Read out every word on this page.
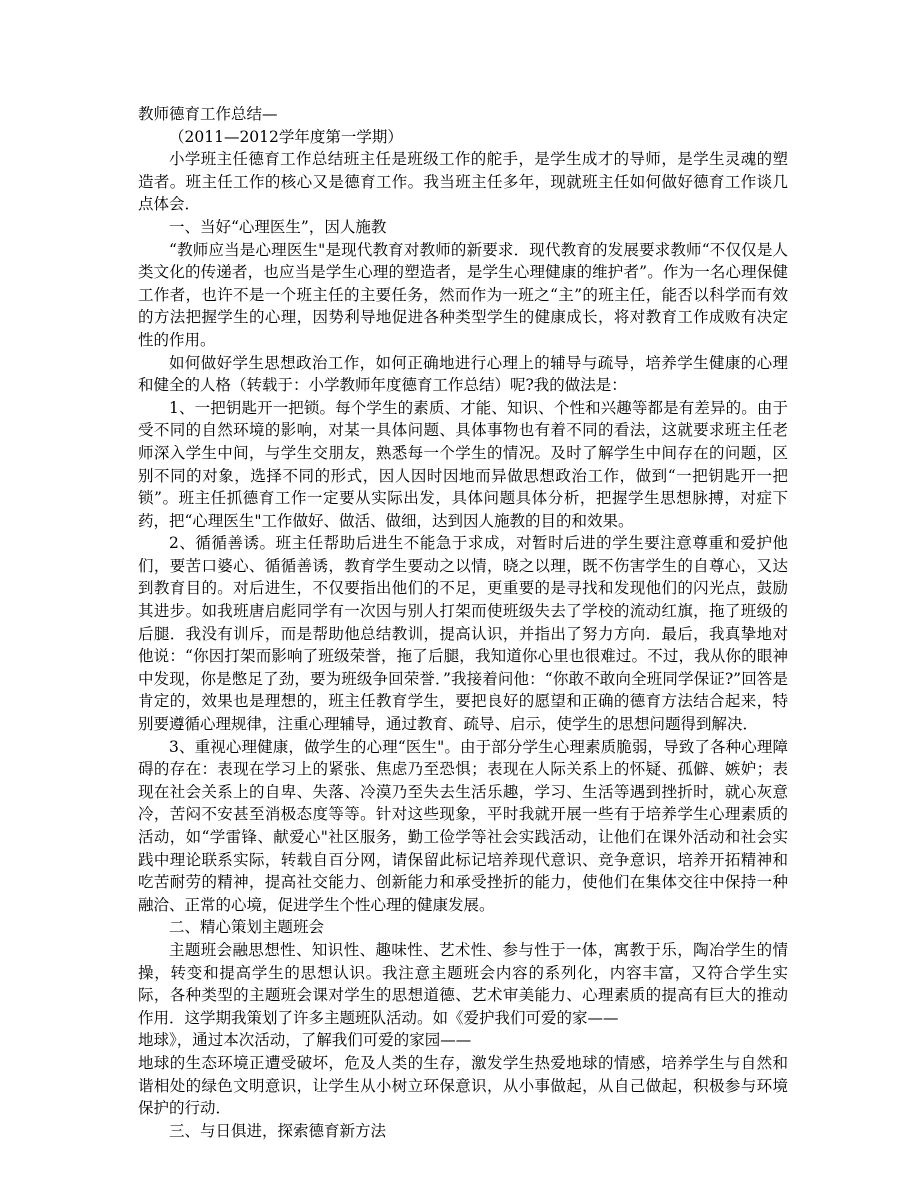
教师德育工作总结—

（2011—2012学年度第一学期）

小学班主任德育工作总结班主任是班级工作的舵手，是学生成才的导师，是学生灵魂的塑造者。班主任工作的核心又是德育工作。我当班主任多年，现就班主任如何做好德育工作谈几点体会．

一、当好“心理医生”，因人施教

“教师应当是心理医生"是现代教育对教师的新要求．现代教育的发展要求教师“不仅仅是人类文化的传递者，也应当是学生心理的塑造者，是学生心理健康的维护者”。作为一名心理保健工作者，也许不是一个班主任的主要任务，然而作为一班之“主”的班主任，能否以科学而有效的方法把握学生的心理，因势利导地促进各种类型学生的健康成长，将对教育工作成败有决定性的作用。

如何做好学生思想政治工作，如何正确地进行心理上的辅导与疏导，培养学生健康的心理和健全的人格（转载于：小学教师年度德育工作总结）呢?我的做法是：

1、一把钥匙开一把锁。每个学生的素质、才能、知识、个性和兴趣等都是有差异的。由于受不同的自然环境的影响，对某一具体问题、具体事物也有着不同的看法，这就要求班主任老师深入学生中间，与学生交朋友，熟悉每一个学生的情况。及时了解学生中间存在的问题，区别不同的对象，选择不同的形式，因人因时因地而异做思想政治工作，做到“一把钥匙开一把锁”。班主任抓德育工作一定要从实际出发，具体问题具体分析，把握学生思想脉搏，对症下药，把“心理医生"工作做好、做活、做细，达到因人施教的目的和效果。

2、循循善诱。班主任帮助后进生不能急于求成，对暂时后进的学生要注意尊重和爱护他们，要苦口婆心、循循善诱，教育学生要动之以情，晓之以理，既不伤害学生的自尊心，又达到教育目的。对后进生，不仅要指出他们的不足，更重要的是寻找和发现他们的闪光点，鼓励其进步。如我班唐启彪同学有一次因与别人打架而使班级失去了学校的流动红旗，拖了班级的后腿．我没有训斥，而是帮助他总结教训，提高认识，并指出了努力方向．最后，我真挚地对他说：“你因打架而影响了班级荣誉，拖了后腿，我知道你心里也很难过。不过，我从你的眼神中发现，你是憋足了劲，要为班级争回荣誉．”我接着问他：“你敢不敢向全班同学保证?”回答是肯定的，效果也是理想的，班主任教育学生，要把良好的愿望和正确的德育方法结合起来，特别要遵循心理规律，注重心理辅导，通过教育、疏导、启示，使学生的思想问题得到解决．

3、重视心理健康，做学生的心理“医生"。由于部分学生心理素质脆弱，导致了各种心理障碍的存在：表现在学习上的紧张、焦虑乃至恐惧；表现在人际关系上的怀疑、孤僻、嫉妒；表现在社会关系上的自卑、失落、冷漠乃至失去生活乐趣，学习、生活等遇到挫折时，就心灰意冷，苦闷不安甚至消极态度等等。针对这些现象，平时我就开展一些有于培养学生心理素质的活动，如“学雷锋、献爱心"社区服务，勤工俭学等社会实践活动，让他们在课外活动和社会实践中理论联系实际，转载自百分网，请保留此标记培养现代意识、竞争意识，培养开拓精神和吃苦耐劳的精神，提高社交能力、创新能力和承受挫折的能力，使他们在集体交往中保持一种融洽、正常的心境，促进学生个性心理的健康发展。

二、精心策划主题班会

主题班会融思想性、知识性、趣味性、艺术性、参与性于一体，寓教于乐，陶冶学生的情操，转变和提高学生的思想认识。我注意主题班会内容的系列化，内容丰富，又符合学生实际，各种类型的主题班会课对学生的思想道德、艺术审美能力、心理素质的提高有巨大的推动作用．这学期我策划了许多主题班队活动。如《爱护我们可爱的家——

地球》，通过本次活动，了解我们可爱的家园——

地球的生态环境正遭受破坏，危及人类的生存，激发学生热爱地球的情感，培养学生与自然和谐相处的绿色文明意识，让学生从小树立环保意识，从小事做起，从自己做起，积极参与环境保护的行动．

三、与日俱进，探索德育新方法
